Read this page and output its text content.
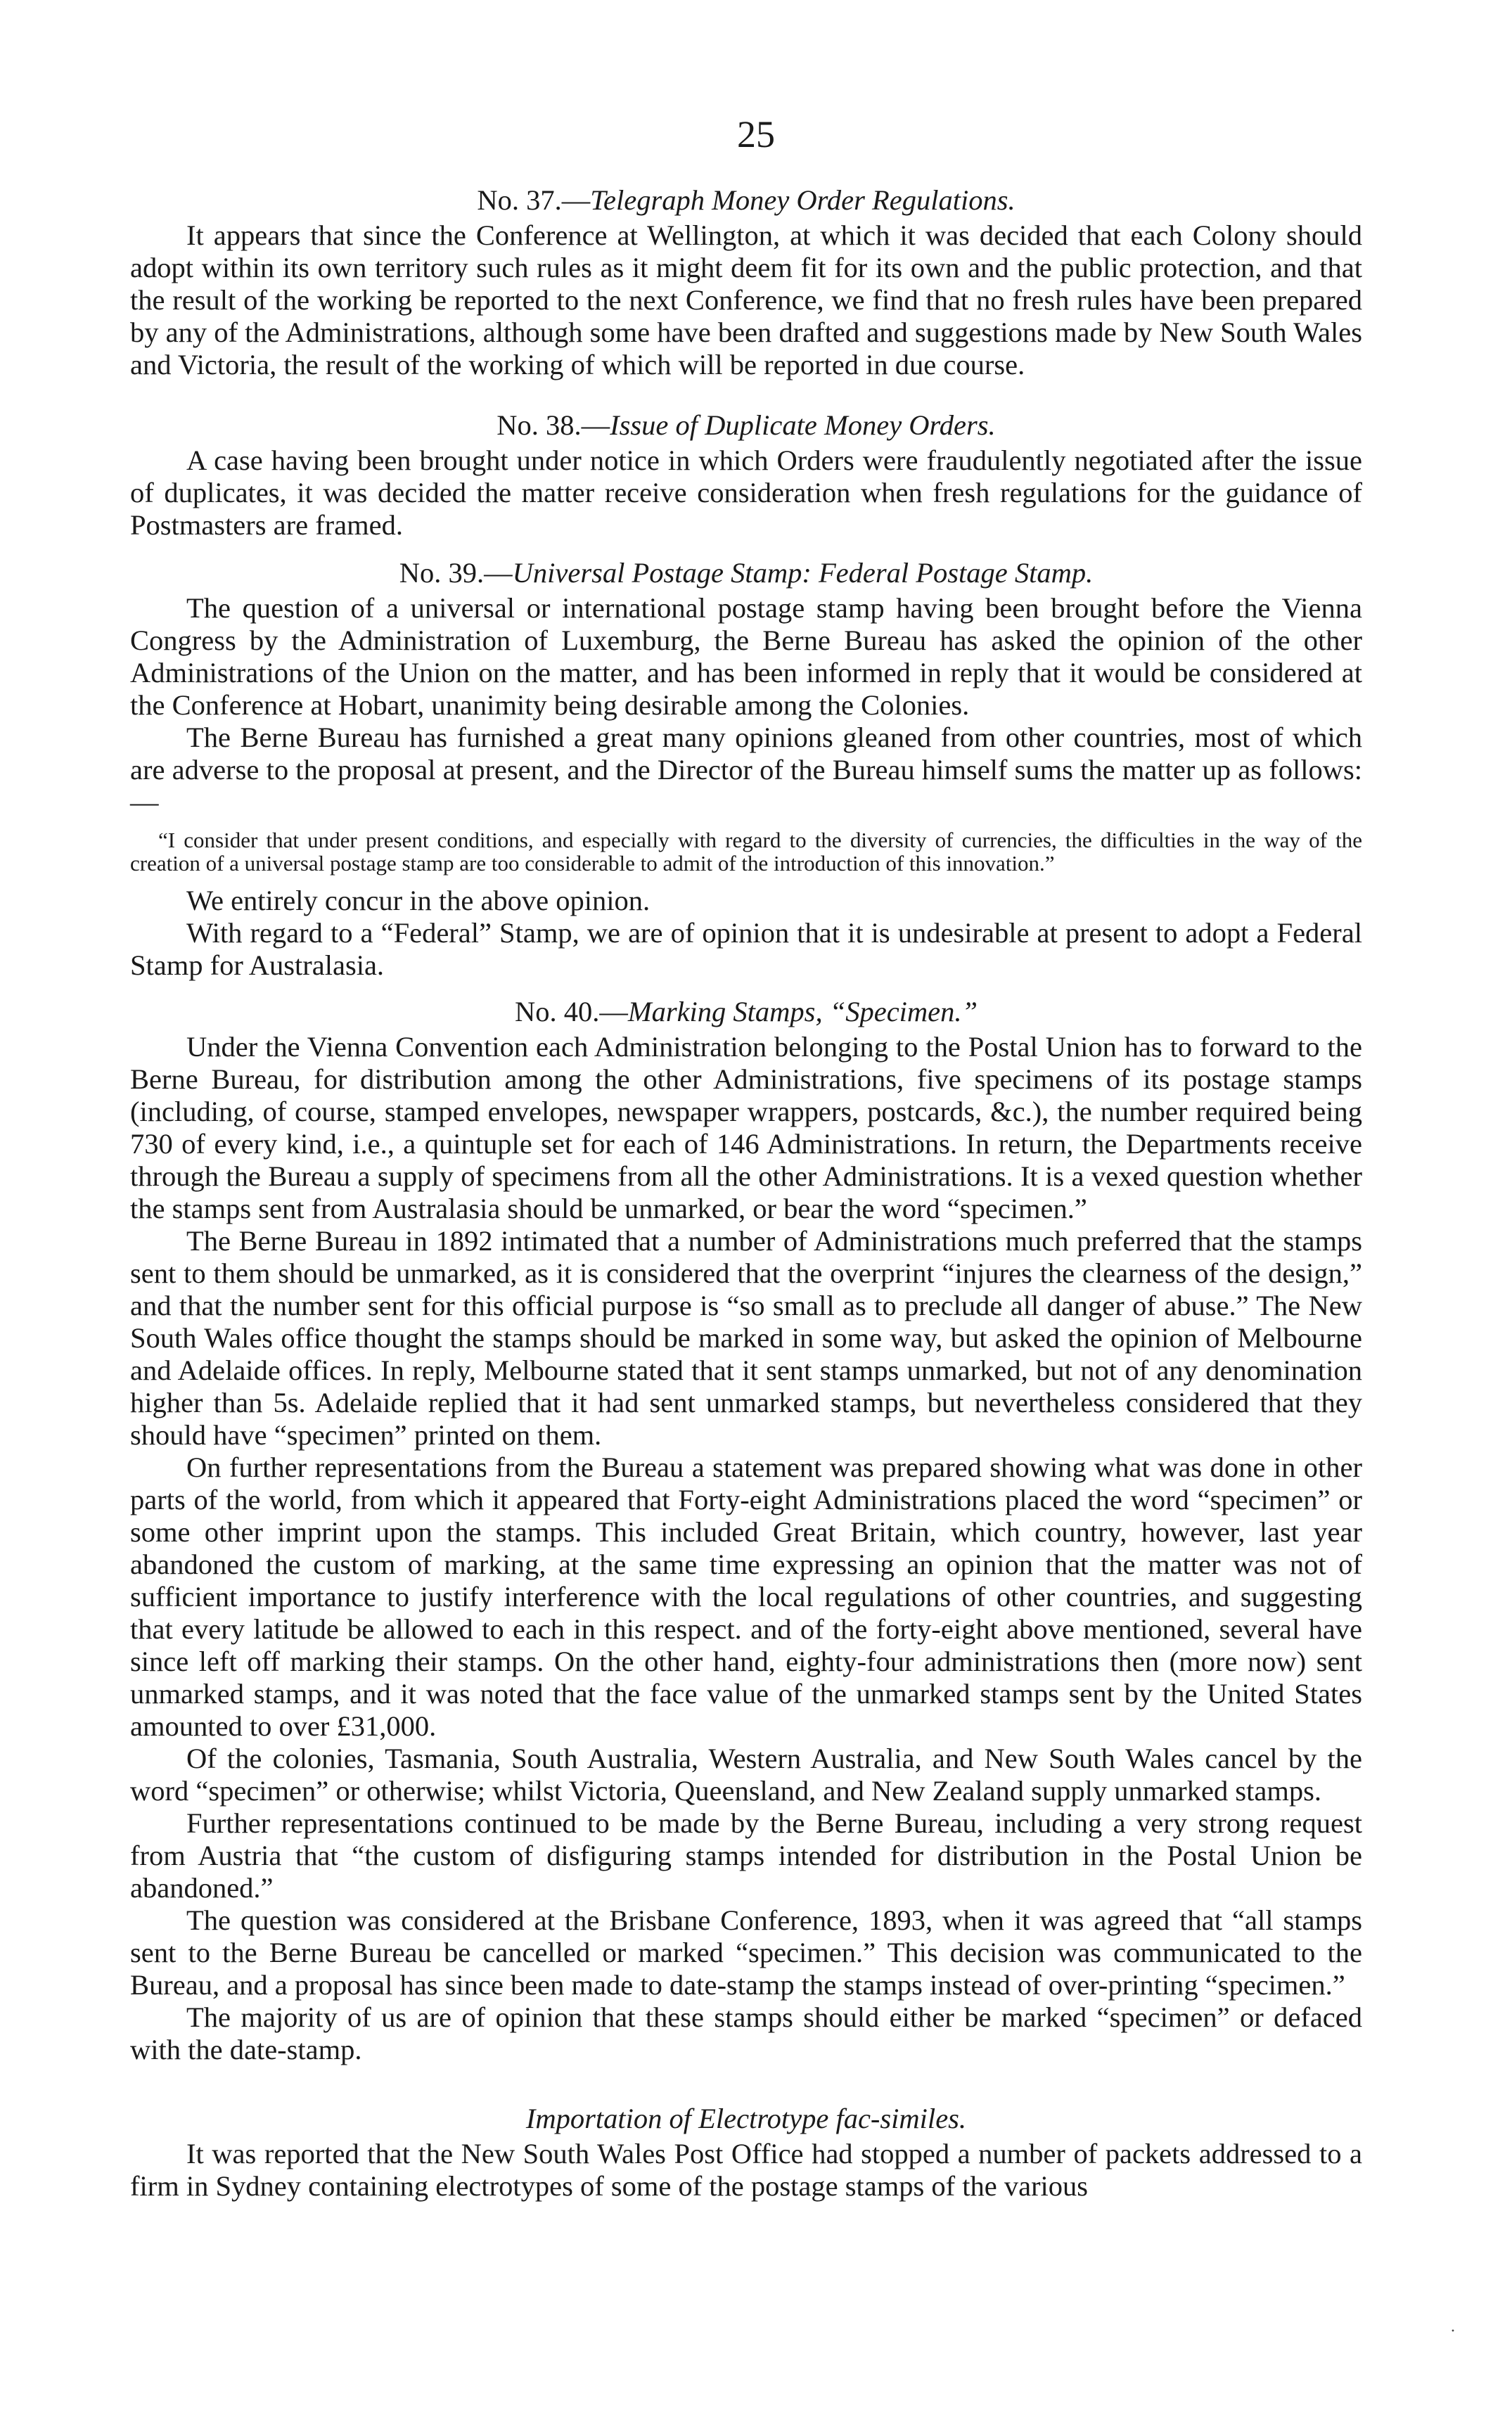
25
No. 37.—Telegraph Money Order Regulations.

It appears that since the Conference at Wellington, at which it was decided that each Colony should adopt within its own territory such rules as it might deem fit for its own and the public protection, and that the result of the working be reported to the next Conference, we find that no fresh rules have been prepared by any of the Administrations, although some have been drafted and suggestions made by New South Wales and Victoria, the result of the working of which will be reported in due course.

No. 38.—Issue of Duplicate Money Orders.

A case having been brought under notice in which Orders were fraudulently negotiated after the issue of duplicates, it was decided the matter receive consideration when fresh regulations for the guidance of Postmasters are framed.

No. 39.—Universal Postage Stamp: Federal Postage Stamp.

The question of a universal or international postage stamp having been brought before the Vienna Congress by the Administration of Luxemburg, the Berne Bureau has asked the opinion of the other Administrations of the Union on the matter, and has been informed in reply that it would be considered at the Conference at Hobart, unanimity being desirable among the Colonies.

The Berne Bureau has furnished a great many opinions gleaned from other countries, most of which are adverse to the proposal at present, and the Director of the Bureau himself sums the matter up as follows:—

“I consider that under present conditions, and especially with regard to the diversity of currencies, the difficulties in the way of the creation of a universal postage stamp are too considerable to admit of the introduction of this innovation.”

We entirely concur in the above opinion.

With regard to a “Federal” Stamp, we are of opinion that it is undesirable at present to adopt a Federal Stamp for Australasia.

No. 40.—Marking Stamps, “Specimen.”

Under the Vienna Convention each Administration belonging to the Postal Union has to forward to the Berne Bureau, for distribution among the other Administrations, five specimens of its postage stamps (including, of course, stamped envelopes, newspaper wrappers, postcards, &c.), the number required being 730 of every kind, i.e., a quintuple set for each of 146 Administrations. In return, the Departments receive through the Bureau a supply of specimens from all the other Administrations. It is a vexed question whether the stamps sent from Australasia should be unmarked, or bear the word “specimen.”

The Berne Bureau in 1892 intimated that a number of Administrations much preferred that the stamps sent to them should be unmarked, as it is considered that the overprint “injures the clearness of the design,” and that the number sent for this official purpose is “so small as to preclude all danger of abuse.” The New South Wales office thought the stamps should be marked in some way, but asked the opinion of Melbourne and Adelaide offices. In reply, Melbourne stated that it sent stamps unmarked, but not of any denomination higher than 5s. Adelaide replied that it had sent unmarked stamps, but nevertheless considered that they should have “specimen” printed on them.

On further representations from the Bureau a statement was prepared showing what was done in other parts of the world, from which it appeared that Forty-eight Administrations placed the word “specimen” or some other imprint upon the stamps. This included Great Britain, which country, however, last year abandoned the custom of marking, at the same time expressing an opinion that the matter was not of sufficient importance to justify interference with the local regulations of other countries, and suggesting that every latitude be allowed to each in this respect. and of the forty-eight above mentioned, several have since left off marking their stamps. On the other hand, eighty-four administrations then (more now) sent unmarked stamps, and it was noted that the face value of the unmarked stamps sent by the United States amounted to over £31,000.

Of the colonies, Tasmania, South Australia, Western Australia, and New South Wales cancel by the word “specimen” or otherwise; whilst Victoria, Queensland, and New Zealand supply unmarked stamps.

Further representations continued to be made by the Berne Bureau, including a very strong request from Austria that “the custom of disfiguring stamps intended for distribution in the Postal Union be abandoned.”

The question was considered at the Brisbane Conference, 1893, when it was agreed that “all stamps sent to the Berne Bureau be cancelled or marked “specimen.” This decision was communicated to the Bureau, and a proposal has since been made to date-stamp the stamps instead of over-printing “specimen.”

The majority of us are of opinion that these stamps should either be marked “specimen” or defaced with the date-stamp.

Importation of Electrotype fac-similes.

It was reported that the New South Wales Post Office had stopped a number of packets addressed to a firm in Sydney containing electrotypes of some of the postage stamps of the various

·
